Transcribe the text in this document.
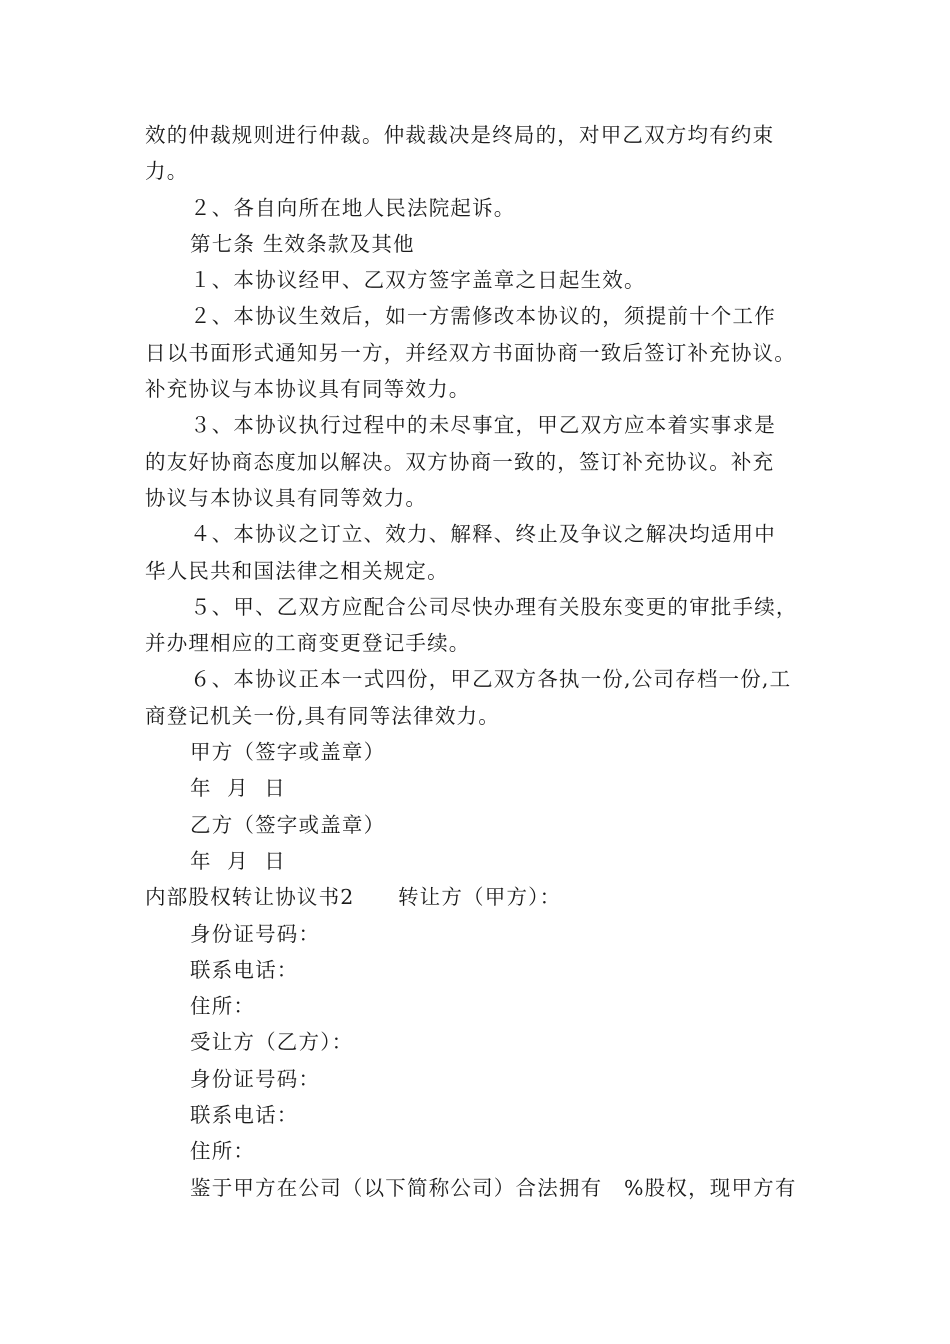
效的仲裁规则进行仲裁。仲裁裁决是终局的，对甲乙双方均有约束

力。

２、各自向所在地人民法院起诉。

第七条 生效条款及其他

１、本协议经甲、乙双方签字盖章之日起生效。

２、本协议生效后，如一方需修改本协议的，须提前十个工作

日以书面形式通知另一方，并经双方书面协商一致后签订补充协议。

补充协议与本协议具有同等效力。

３、本协议执行过程中的未尽事宜，甲乙双方应本着实事求是

的友好协商态度加以解决。双方协商一致的，签订补充协议。补充

协议与本协议具有同等效力。

４、本协议之订立、效力、解释、终止及争议之解决均适用中

华人民共和国法律之相关规定。

５、甲、乙双方应配合公司尽快办理有关股东变更的审批手续，

并办理相应的工商变更登记手续。

６、本协议正本一式四份，甲乙双方各执一份,公司存档一份,工

商登记机关一份,具有同等法律效力。

甲方（签字或盖章）

年  月  日

乙方（签字或盖章）

年  月  日

内部股权转让协议书2　　转让方（甲方）：

身份证号码：

联系电话：

住所：

受让方（乙方）：

身份证号码：

联系电话：

住所：

鉴于甲方在公司（以下简称公司）合法拥有　%股权，现甲方有
